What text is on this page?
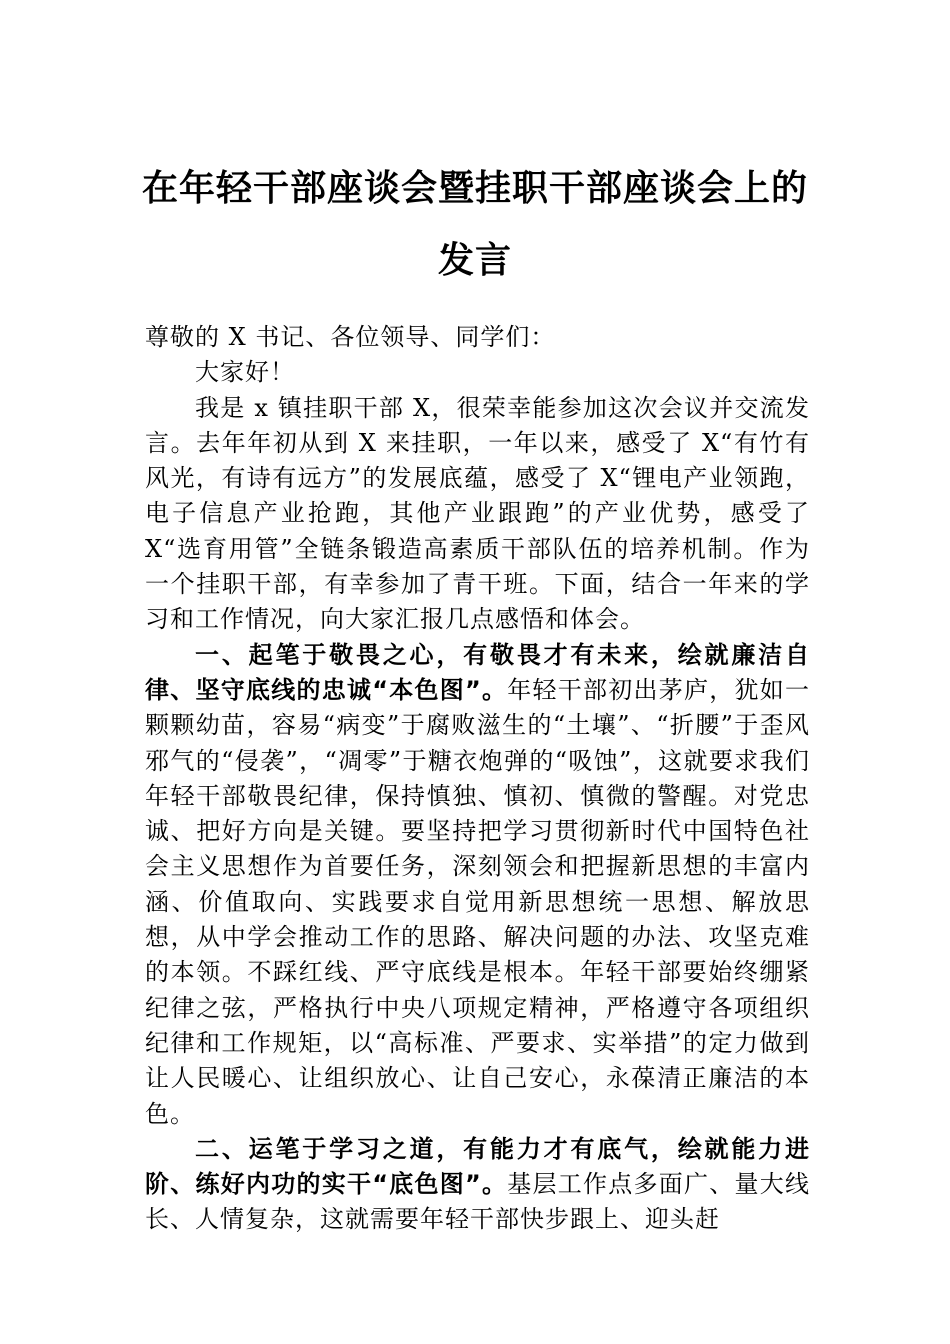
在年轻干部座谈会暨挂职干部座谈会上的
发言

尊敬的 X 书记、各位领导、同学们：

大家好！

我是 x 镇挂职干部 X，很荣幸能参加这次会议并交流发言。去年年初从到 X 来挂职，一年以来，感受了 X“有竹有风光，有诗有远方”的发展底蕴，感受了 X“锂电产业领跑，电子信息产业抢跑，其他产业跟跑”的产业优势，感受了 X“选育用管”全链条锻造高素质干部队伍的培养机制。作为一个挂职干部，有幸参加了青干班。下面，结合一年来的学习和工作情况，向大家汇报几点感悟和体会。

一、起笔于敬畏之心，有敬畏才有未来，绘就廉洁自律、坚守底线的忠诚“本色图”。年轻干部初出茅庐，犹如一颗颗幼苗，容易“病变”于腐败滋生的“土壤”、“折腰”于歪风邪气的“侵袭”，“凋零”于糖衣炮弹的“吸蚀”，这就要求我们年轻干部敬畏纪律，保持慎独、慎初、慎微的警醒。对党忠诚、把好方向是关键。要坚持把学习贯彻新时代中国特色社会主义思想作为首要任务，深刻领会和把握新思想的丰富内涵、价值取向、实践要求自觉用新思想统一思想、解放思想，从中学会推动工作的思路、解决问题的办法、攻坚克难的本领。不踩红线、严守底线是根本。年轻干部要始终绷紧纪律之弦，严格执行中央八项规定精神，严格遵守各项组织纪律和工作规矩，以“高标准、严要求、实举措”的定力做到让人民暖心、让组织放心、让自己安心，永葆清正廉洁的本色。

二、运笔于学习之道，有能力才有底气，绘就能力进阶、练好内功的实干“底色图”。基层工作点多面广、量大线长、人情复杂，这就需要年轻干部快步跟上、迎头赶
